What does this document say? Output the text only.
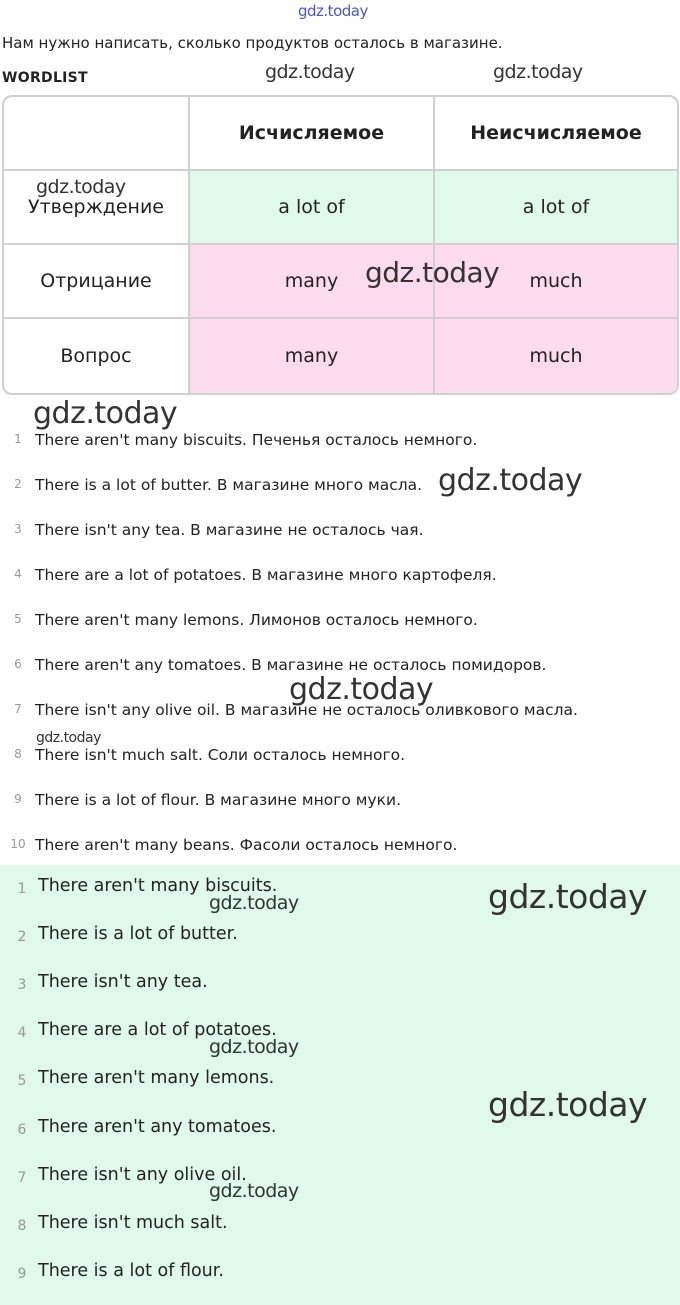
gdz.today
Нам нужно написать, сколько продуктов осталось в магазине.
WORDLIST	gdz.today	gdz.today
	Исчисляемое	Неисчисляемое
Утверждение	a lot of	a lot of
Отрицание	many	much
Вопрос	many	much
gdz.today
gdz.today
1 There aren't many biscuits. Печенья осталось немного.
2 There is a lot of butter. В магазине много масла.
3 There isn't any tea. В магазине не осталось чая.
4 There are a lot of potatoes. В магазине много картофеля.
5 There aren't many lemons. Лимонов осталось немного.
6 There aren't any tomatoes. В магазине не осталось помидоров.
7 There isn't any olive oil. В магазине не осталось оливкового масла.
8 There isn't much salt. Соли осталось немного.
9 There is a lot of flour. В магазине много муки.
10 There aren't many beans. Фасоли осталось немного.
gdz.today
gdz.today
gdz.today
gdz.today
1 There aren't many biscuits.
2 There is a lot of butter.
3 There isn't any tea.
4 There are a lot of potatoes.
5 There aren't many lemons.
6 There aren't any tomatoes.
7 There isn't any olive oil.
8 There isn't much salt.
9 There is a lot of flour.
gdz.today
gdz.today
gdz.today
gdz.today
gdz.today
